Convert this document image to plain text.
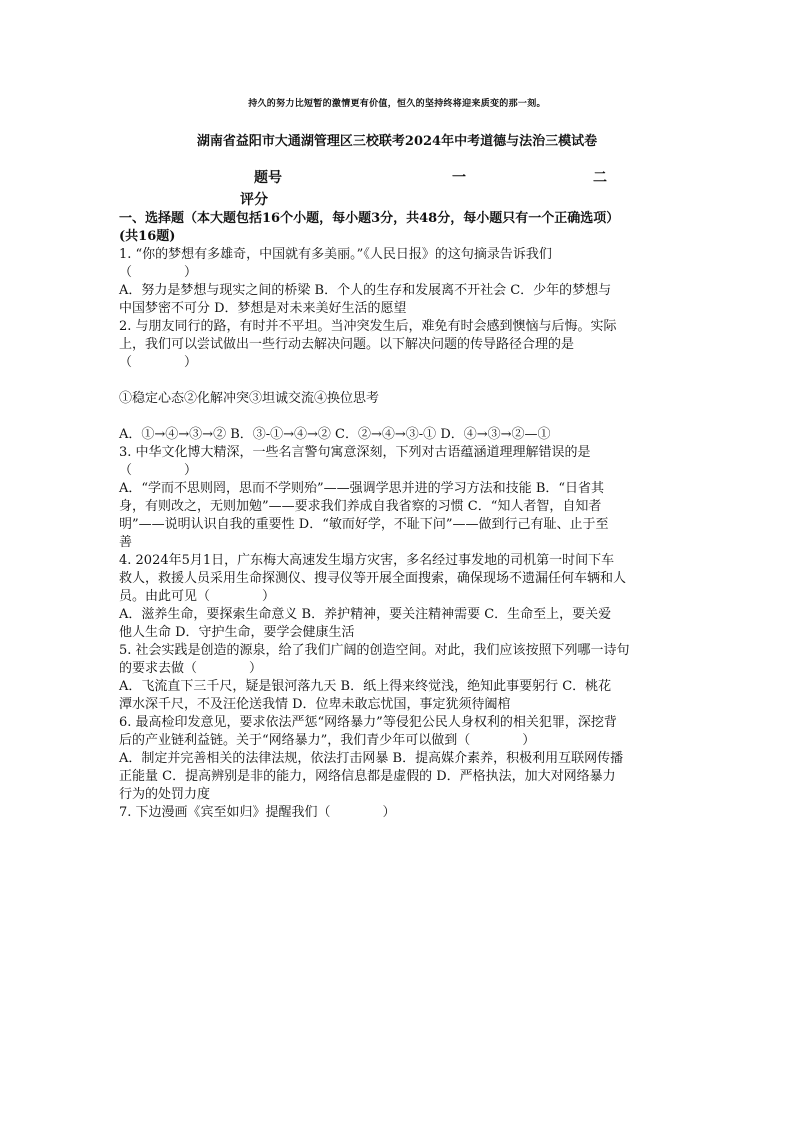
持久的努力比短暂的激情更有价值，恒久的坚持终将迎来质变的那一刻。
湖南省益阳市大通湖管理区三校联考2024年中考道德与法治三模试卷
题号	一	二
评分

一、选择题（本大题包括16个小题，每小题3分，共48分，每小题只有一个正确选项）

(共16题)

1. “你的梦想有多雄奇，中国就有多美丽。”《人民日报》的这句摘录告诉我们

（　　　　）

A．努力是梦想与现实之间的桥梁 B．个人的生存和发展离不开社会 C．少年的梦想与

中国梦密不可分 D．梦想是对未来美好生活的愿望

2. 与朋友同行的路，有时并不平坦。当冲突发生后，难免有时会感到懊恼与后悔。实际

上，我们可以尝试做出一些行动去解决问题。以下解决问题的传导路径合理的是

（　　　　）

①稳定心态②化解冲突③坦诚交流④换位思考

A．①→④→③→② B．③-①→④→② C．②→④→③-① D．④→③→②—①

3. 中华文化博大精深，一些名言警句寓意深刻，下列对古语蕴涵道理理解错误的是

（　　　　）

A．“学而不思则罔，思而不学则殆”——强调学思并进的学习方法和技能 B．“日省其

身，有则改之，无则加勉”——要求我们养成自我省察的习惯 C．“知人者智，自知者

明”——说明认识自我的重要性 D．“敏而好学，不耻下问”——做到行己有耻、止于至

善

4. 2024年5月1日，广东梅大高速发生塌方灾害，多名经过事发地的司机第一时间下车

救人，救援人员采用生命探测仪、搜寻仪等开展全面搜索，确保现场不遗漏任何车辆和人

员。由此可见（　　　　）

A．滋养生命，要探索生命意义 B．养护精神，要关注精神需要 C．生命至上，要关爱

他人生命 D．守护生命，要学会健康生活

5. 社会实践是创造的源泉，给了我们广阔的创造空间。对此，我们应该按照下列哪一诗句

的要求去做（　　　　）

A．飞流直下三千尺，疑是银河落九天 B．纸上得来终觉浅，绝知此事要躬行 C．桃花

潭水深千尺，不及汪伦送我情 D．位卑未敢忘忧国，事定犹须待阖棺

6. 最高检印发意见，要求依法严惩“网络暴力”等侵犯公民人身权利的相关犯罪，深挖背

后的产业链利益链。关于“网络暴力”，我们青少年可以做到（　　　　）

A．制定并完善相关的法律法规，依法打击网暴 B．提高媒介素养，积极利用互联网传播

正能量 C．提高辨别是非的能力，网络信息都是虚假的 D．严格执法，加大对网络暴力

行为的处罚力度

7. 下边漫画《宾至如归》提醒我们（　　　　）
